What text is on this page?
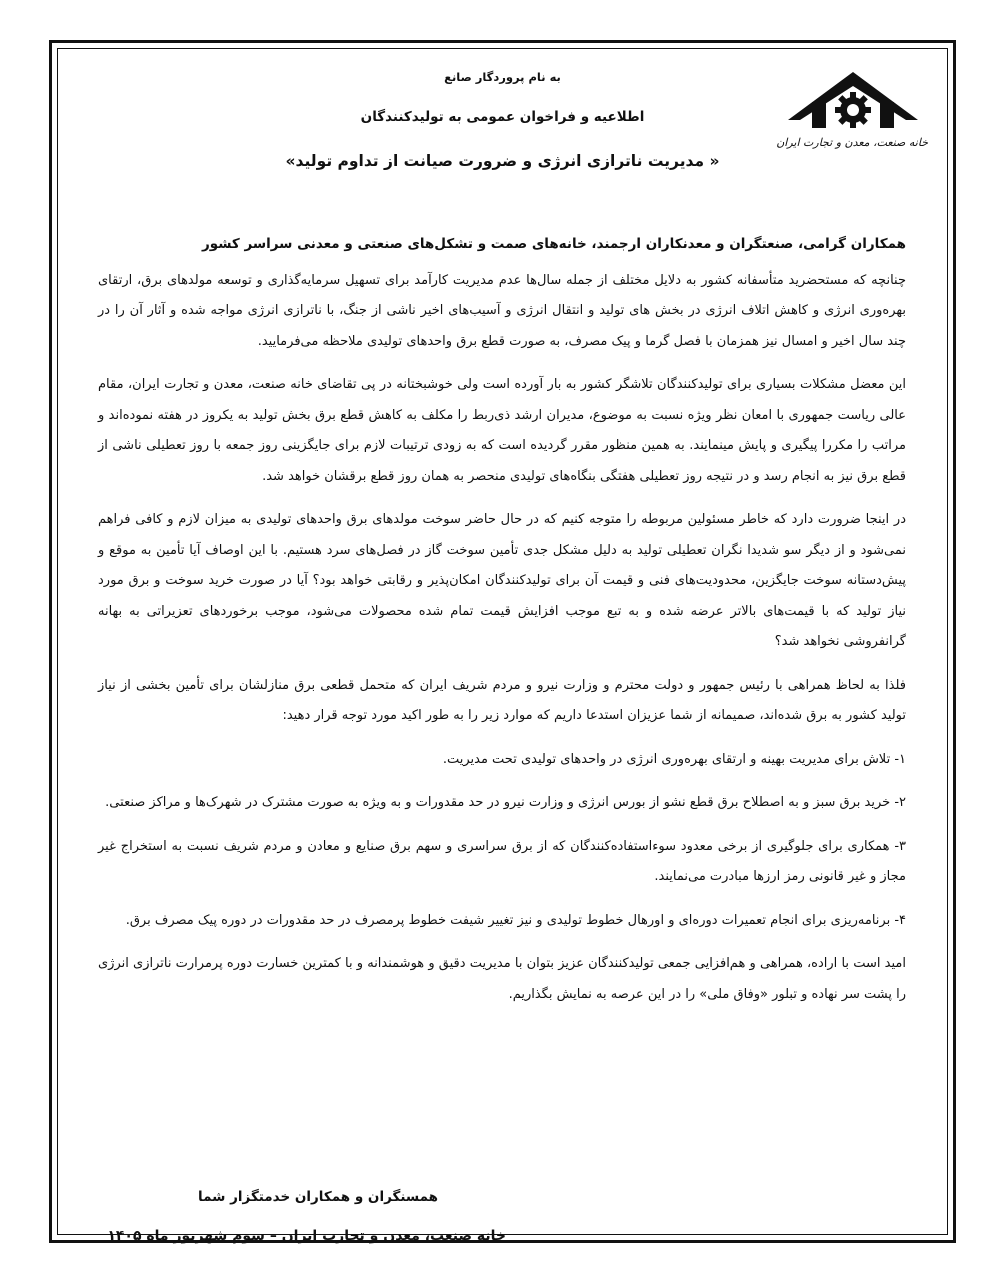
خانه صنعت، معدن و تجارت ایران
به نام پروردگار صانع
اطلاعیه و فراخوان عمومی به تولیدکنندگان
« مدیریت ناترازی انرژی و ضرورت صیانت از تداوم تولید»

همکاران گرامی، صنعتگران و معدنکاران ارجمند، خانه‌های صمت و تشکل‌های صنعتی و معدنی سراسر کشور

چنانچه که مستحضرید متأسفانه کشور به دلایل مختلف از جمله سال‌ها عدم مدیریت کارآمد برای تسهیل سرمایه‌گذاری و توسعه مولدهای برق، ارتقای بهره‌وری انرژی و کاهش اتلاف انرژی در بخش های تولید و انتقال انرژی و آسیب‌های اخیر ناشی از جنگ، با ناترازی انرژی مواجه شده و آثار آن را در چند سال اخیر و امسال نیز همزمان با فصل گرما و پیک مصرف، به صورت قطع برق واحدهای تولیدی ملاحظه می‌فرمایید.

این معضل مشکلات بسیاری برای تولیدکنندگان تلاشگر کشور به بار آورده است ولی خوشبختانه در پی تقاضای خانه صنعت، معدن و تجارت ایران، مقام عالی ریاست جمهوری با امعان نظر ویژه نسبت به موضوع، مدیران ارشد ذی‌ربط را مکلف به کاهش قطع برق بخش تولید به یکروز در هفته نموده‌اند و مراتب را مکررا پیگیری و پایش مینمایند. به همین منظور مقرر گردیده است که به زودی ترتیبات لازم برای جایگزینی روز جمعه با روز تعطیلی ناشی از قطع برق نیز به انجام رسد و در نتیجه روز تعطیلی هفتگی بنگاه‌های تولیدی منحصر به همان روز قطع برقشان خواهد شد.

در اینجا ضرورت دارد که خاطر مسئولین مربوطه را متوجه کنیم که در حال حاضر سوخت مولدهای برق واحدهای تولیدی به میزان لازم و کافی فراهم نمی‌شود و از دیگر سو شدیدا نگران تعطیلی تولید به دلیل مشکل جدی تأمین سوخت گاز در فصل‌های سرد هستیم. با این اوصاف آیا تأمین به موقع و پیش‌دستانه سوخت جایگزین، محدودیت‌های فنی و قیمت آن برای تولیدکنندگان امکان‌پذیر و رقابتی خواهد بود؟ آیا در صورت خرید سوخت و برق مورد نیاز تولید که با قیمت‌های بالاتر عرضه شده و به تبع موجب افزایش قیمت تمام شده محصولات می‌شود، موجب برخوردهای تعزیراتی به بهانه گرانفروشی نخواهد شد؟

فلذا به لحاظ همراهی با رئیس جمهور و دولت محترم و وزارت نیرو و مردم شریف ایران که متحمل قطعی برق منازلشان برای تأمین بخشی از نیاز تولید کشور به برق شده‌اند، صمیمانه از شما عزیزان استدعا داریم که موارد زیر را به طور اکید مورد توجه قرار دهید:

۱- تلاش برای مدیریت بهینه و ارتقای بهره‌وری انرژی در واحدهای تولیدی تحت مدیریت.

۲- خرید برق سبز و به اصطلاح برق قطع نشو از بورس انرژی و وزارت نیرو در حد مقدورات و به ویژه به صورت مشترک در شهرک‌ها و مراکز صنعتی.

۳- همکاری برای جلوگیری از برخی معدود سوءاستفاده‌کنندگان که از برق سراسری و سهم برق صنایع و معادن و مردم شریف نسبت به استخراج غیر مجاز و غیر قانونی رمز ارزها مبادرت می‌نمایند.

۴- برنامه‌ریزی برای انجام تعمیرات دوره‌ای و اورهال خطوط تولیدی و نیز تغییر شیفت خطوط پرمصرف در حد مقدورات در دوره پیک مصرف برق.

امید است با اراده، همراهی و هم‌افزایی جمعی تولیدکنندگان عزیز بتوان با مدیریت دقیق و هوشمندانه و با کمترین خسارت دوره پرمرارت ناترازی انرژی را پشت سر نهاده و تبلور «وفاق ملی» را در این عرصه به نمایش بگذاریم.

همسنگران و همکاران خدمتگزار شما
خانه صنعت، معدن و تجارت ایران – سوم شهریور ماه ۱۴۰۵
